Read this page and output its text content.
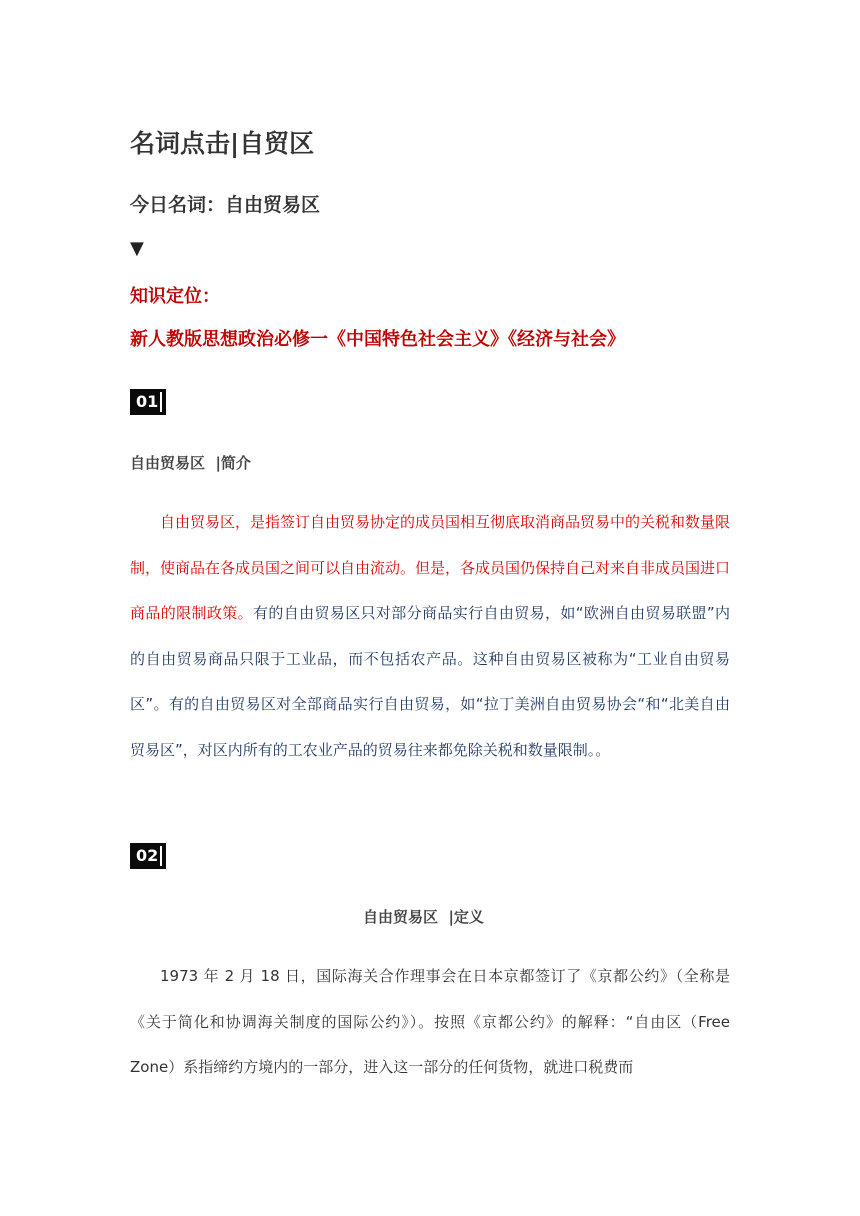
名词点击|自贸区
今日名词：自由贸易区
▼
知识定位：
新人教版思想政治必修一《中国特色社会主义》《经济与社会》
01
自由贸易区  |简介

自由贸易区，是指签订自由贸易协定的成员国相互彻底取消商品贸易中的关税和数量限制，使商品在各成员国之间可以自由流动。但是，各成员国仍保持自己对来自非成员国进口商品的限制政策。有的自由贸易区只对部分商品实行自由贸易，如“欧洲自由贸易联盟”内的自由贸易商品只限于工业品，而不包括农产品。这种自由贸易区被称为“工业自由贸易区”。有的自由贸易区对全部商品实行自由贸易，如“拉丁美洲自由贸易协会“和“北美自由贸易区”，对区内所有的工农业产品的贸易往来都免除关税和数量限制。。

02
自由贸易区  |定义

1973 年 2 月 18 日，国际海关合作理事会在日本京都签订了《京都公约》（全称是《关于简化和协调海关制度的国际公约》）。按照《京都公约》的解释：“自由区（Free Zone）系指缔约方境内的一部分，进入这一部分的任何货物，就进口税费而
